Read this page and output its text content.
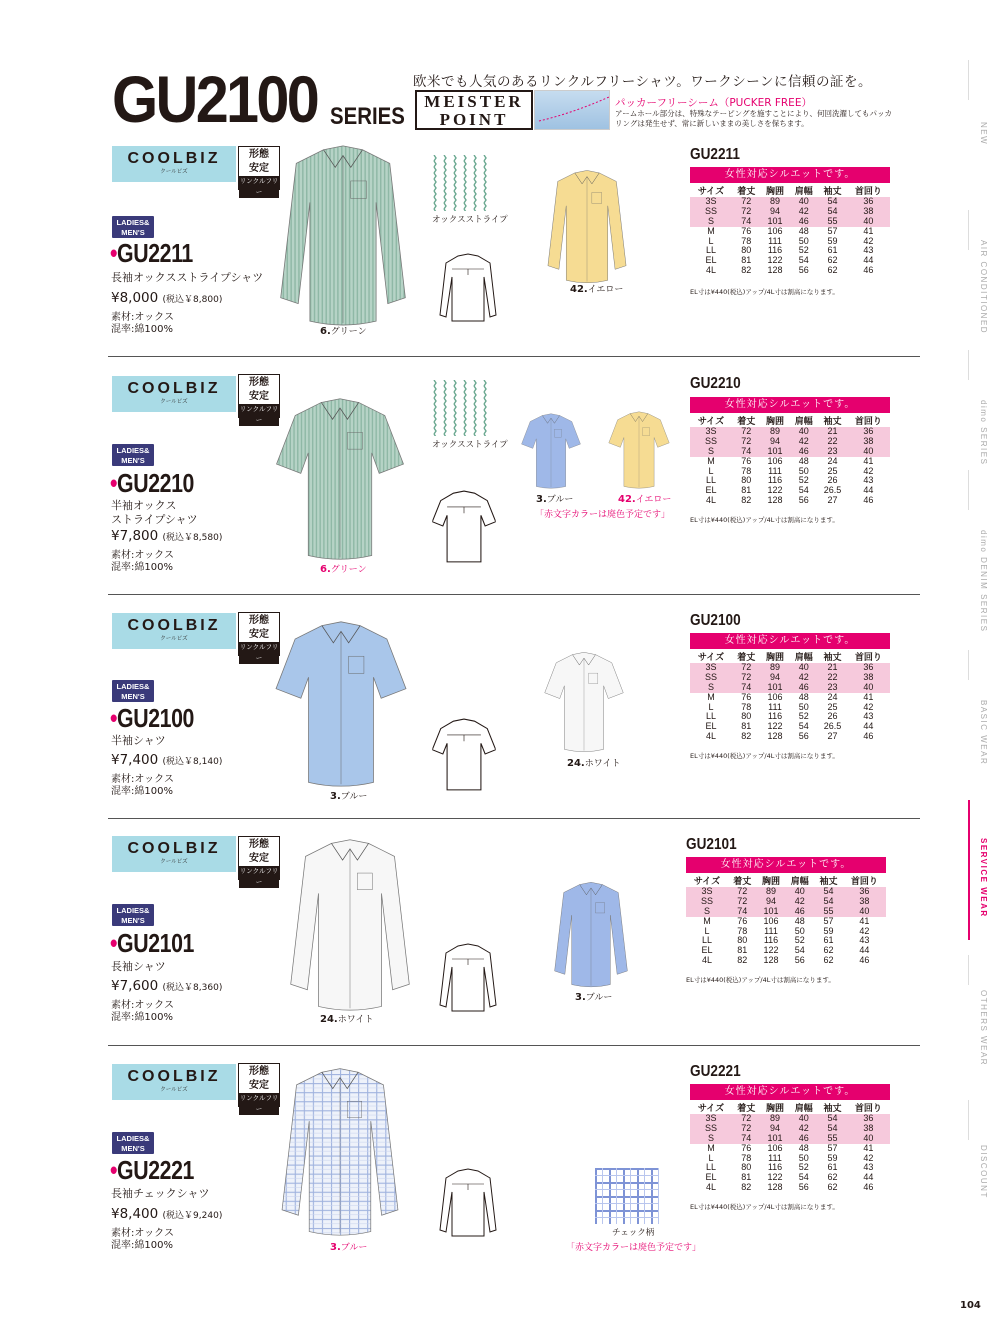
GU2100 SERIES
欧米でも人気のあるリンクルフリーシャツ。ワークシーンに信頼の証を。
MEISTER
POINT
パッカーフリーシーム（PUCKER FREE）
アームホール部分は、特殊なテーピングを施すことにより、何回洗濯してもパッカリングは発生せず、常に新しいままの美しさを保ちます。	NEW
AIR CONDITIONED
dimo SERIES
dimo DENIM SERIES
BASIC WEAR
SERVICE WEAR
OTHERS WEAR
DISCOUNT
104
COOLBIZ
クールビズ
形態
安定
リンクルフリー
LADIES&
MEN'S
•GU2211
長袖オックスストライプシャツ
¥8,000 (税込￥8,800)
素材:オックス
混率:綿100%	6.グリーン
オックスストライプ
42.イエロー
GU2211
女性対応シルエットです。
サイズ	着丈	胸囲	肩幅	袖丈	首回り
3S	72	89	40	54	36
SS	72	94	42	54	38
S	74	101	46	55	40
M	76	106	48	57	41
L	78	111	50	59	42
LL	80	116	52	61	43
EL	81	122	54	62	44
4L	82	128	56	62	46
EL寸は¥440(税込)アップ/4L寸は割高になります。
COOLBIZ
クールビズ
形態
安定
リンクルフリー
LADIES&
MEN'S
•GU2210
半袖オックス
ストライプシャツ
¥7,800 (税込￥8,580)
素材:オックス
混率:綿100%	6.グリーン
オックスストライプ
3.ブルー	42.イエロー
「赤文字カラーは廃色予定です」
GU2210
女性対応シルエットです。
サイズ	着丈	胸囲	肩幅	袖丈	首回り
3S	72	89	40	21	36
SS	72	94	42	22	38
S	74	101	46	23	40
M	76	106	48	24	41
L	78	111	50	25	42
LL	80	116	52	26	43
EL	81	122	54	26.5	44
4L	82	128	56	27	46
EL寸は¥440(税込)アップ/4L寸は割高になります。
COOLBIZ
クールビズ
形態
安定
リンクルフリー
LADIES&
MEN'S
•GU2100
半袖シャツ
¥7,400 (税込￥8,140)
素材:オックス
混率:綿100%	3.ブルー
24.ホワイト
GU2100
女性対応シルエットです。
サイズ	着丈	胸囲	肩幅	袖丈	首回り
3S	72	89	40	21	36
SS	72	94	42	22	38
S	74	101	46	23	40
M	76	106	48	24	41
L	78	111	50	25	42
LL	80	116	52	26	43
EL	81	122	54	26.5	44
4L	82	128	56	27	46
EL寸は¥440(税込)アップ/4L寸は割高になります。
COOLBIZ
クールビズ
形態
安定
リンクルフリー
LADIES&
MEN'S
•GU2101
長袖シャツ
¥7,600 (税込￥8,360)
素材:オックス
混率:綿100%	24.ホワイト
3.ブルー
GU2101
女性対応シルエットです。
サイズ	着丈	胸囲	肩幅	袖丈	首回り
3S	72	89	40	54	36
SS	72	94	42	54	38
S	74	101	46	55	40
M	76	106	48	57	41
L	78	111	50	59	42
LL	80	116	52	61	43
EL	81	122	54	62	44
4L	82	128	56	62	46
EL寸は¥440(税込)アップ/4L寸は割高になります。
COOLBIZ
クールビズ
形態
安定
リンクルフリー
LADIES&
MEN'S
•GU2221
長袖チェックシャツ
¥8,400 (税込￥9,240)
素材:オックス
混率:綿100%	3.ブルー
チェック柄
「赤文字カラーは廃色予定です」
GU2221
女性対応シルエットです。
サイズ	着丈	胸囲	肩幅	袖丈	首回り
3S	72	89	40	54	36
SS	72	94	42	54	38
S	74	101	46	55	40
M	76	106	48	57	41
L	78	111	50	59	42
LL	80	116	52	61	43
EL	81	122	54	62	44
4L	82	128	56	62	46
EL寸は¥440(税込)アップ/4L寸は割高になります。
